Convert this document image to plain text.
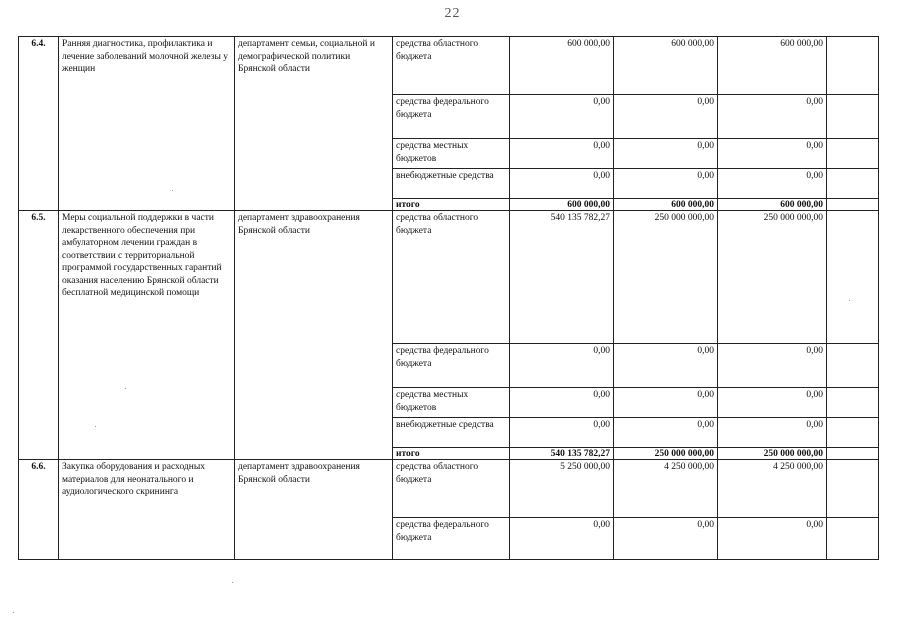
22
6.4.	Ранняя диагностика, профилактика и лечение заболеваний молочной железы у женщин	департамент семьи, социальной и демографической политики Брянской области	средства областного бюджета	600 000,00	600 000,00	600 000,00	
			средства федерального бюджета	0,00	0,00	0,00	
			средства местных бюджетов	0,00	0,00	0,00	
			внебюджетные средства	0,00	0,00	0,00	
			итого	600 000,00	600 000,00	600 000,00	
6.5.	Меры социальной поддержки в части лекарственного обеспечения при амбулаторном лечении граждан в соответствии с территориальной программой государственных гарантий оказания населению Брянской области бесплатной медицинской помощи	департамент здравоохранения Брянской области	средства областного бюджета	540 135 782,27	250 000 000,00	250 000 000,00	
			средства федерального бюджета	0,00	0,00	0,00	
			средства местных бюджетов	0,00	0,00	0,00	
			внебюджетные средства	0,00	0,00	0,00	
			итого	540 135 782,27	250 000 000,00	250 000 000,00	
6.6.	Закупка оборудования и расходных материалов для неонатального и аудиологического скрининга	департамент здравоохранения Брянской области	средства областного бюджета	5 250 000,00	4 250 000,00	4 250 000,00	
			средства федерального бюджета	0,00	0,00	0,00	
